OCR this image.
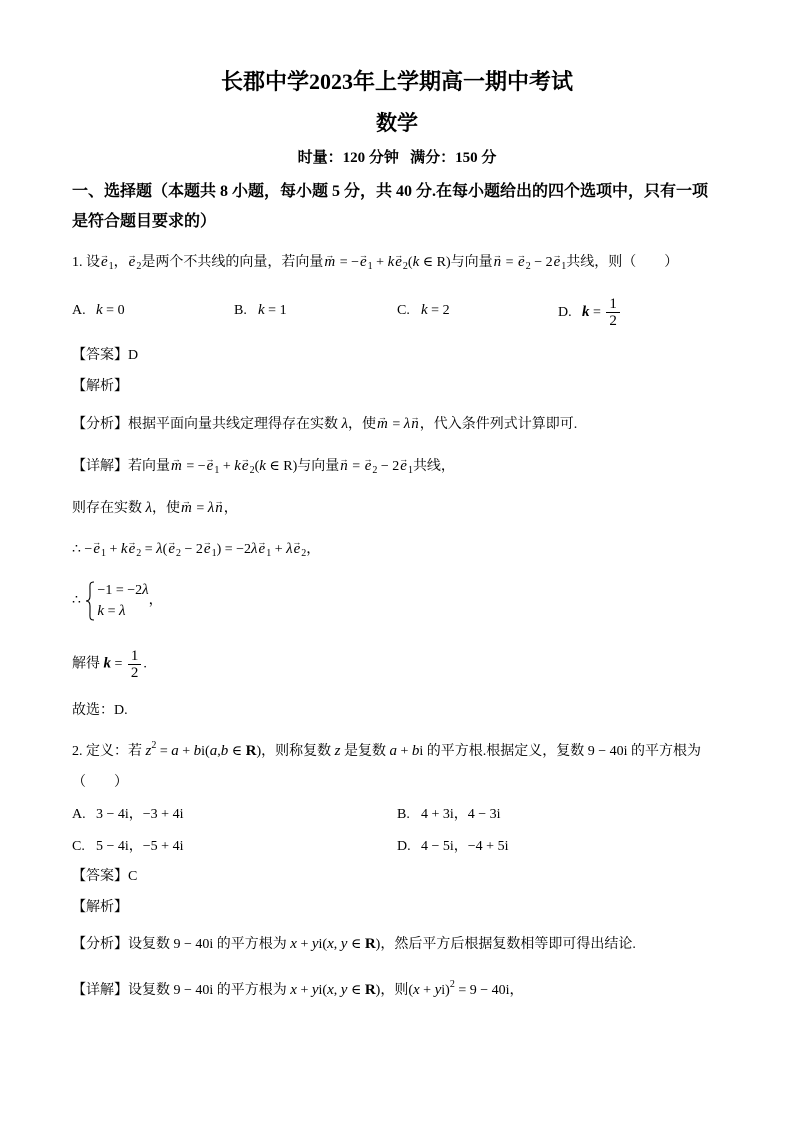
长郡中学2023年上学期高一期中考试
数学
时量：120 分钟   满分：150 分
一、选择题（本题共 8 小题，每小题 5 分，共 40 分.在每小题给出的四个选项中，只有一项
是符合题目要求的）
1. 设→ $e_1$，→ $e_2$是两个不共线的向量，若向量→ m = −→ $e_1 + k\to e_2(k$ ∈ R)与向量→ n = → $e_2 - 2\to e_1$共线，则（　　）
A. k = 0	B. k = 1	C. k = 2	D. $k = \frac{1}{2}$
【答案】D
【解析】
【分析】根据平面向量共线定理得存在实数 λ，使→ m = λ→ n，代入条件列式计算即可.
【详解】若向量→ m = −→ $e_1 + k\to e_2(k$ ∈ R)与向量→ n = → $e_2 - 2\to e_1$共线，
则存在实数 λ，使→ m = λ→ n，
∴ −→ $e_1 + k\to e_2 = \lambda(\to e_2 - 2\to e_1) = -2\lambda\to e_1 + \lambda\to e_2$，
∴
−1 = −2λ
k = λ
，
解得 $k = \frac{1}{2}$ .
故选：D.
2. 定义：若 $z^2 = a + bi(a,b$ ∈ R)，则称复数 z 是复数 a + bi 的平方根.根据定义，复数 9 − 40i 的平方根为
（　　）
A. 3 − 4i，−3 + 4i	B. 4 + 3i，4 − 3i
C. 5 − 4i，−5 + 4i	D. 4 − 5i，−4 + 5i
【答案】C
【解析】
【分析】设复数 9 − 40i 的平方根为 x + yi(x, y ∈ R)，然后平方后根据复数相等即可得出结论.
【详解】设复数 9 − 40i 的平方根为 x + yi(x, y ∈ R)，则(x + yi)$^2$ = 9 − 40i，
